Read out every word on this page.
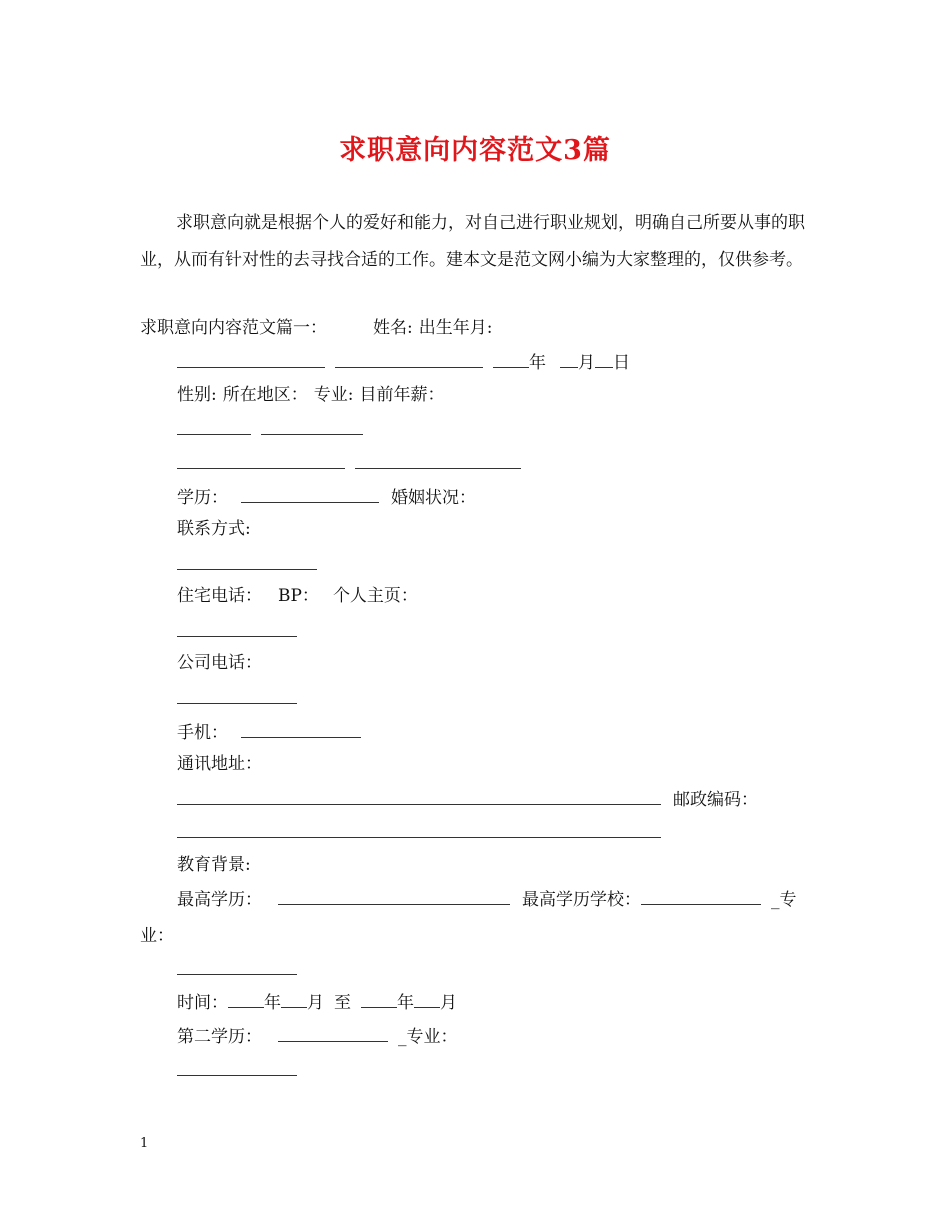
求职意向内容范文3篇
求职意向就是根据个人的爱好和能力，对自己进行职业规划，明确自己所要从事的职业，从而有针对性的去寻找合适的工作。建本文是范文网小编为大家整理的，仅供参考。
求职意向内容范文篇一：	姓名: 出生年月:
年 月 日
性别: 所在地区： 专业: 目前年薪：
学历：	婚姻状况：
联系方式:
住宅电话： BP： 个人主页：
公司电话：
手机：
通讯地址：
邮政编码：
教育背景:
最高学历：	最高学历学校：	_专
业：
时间： 年 月 至	年 月
第二学历：	_专业：
1
